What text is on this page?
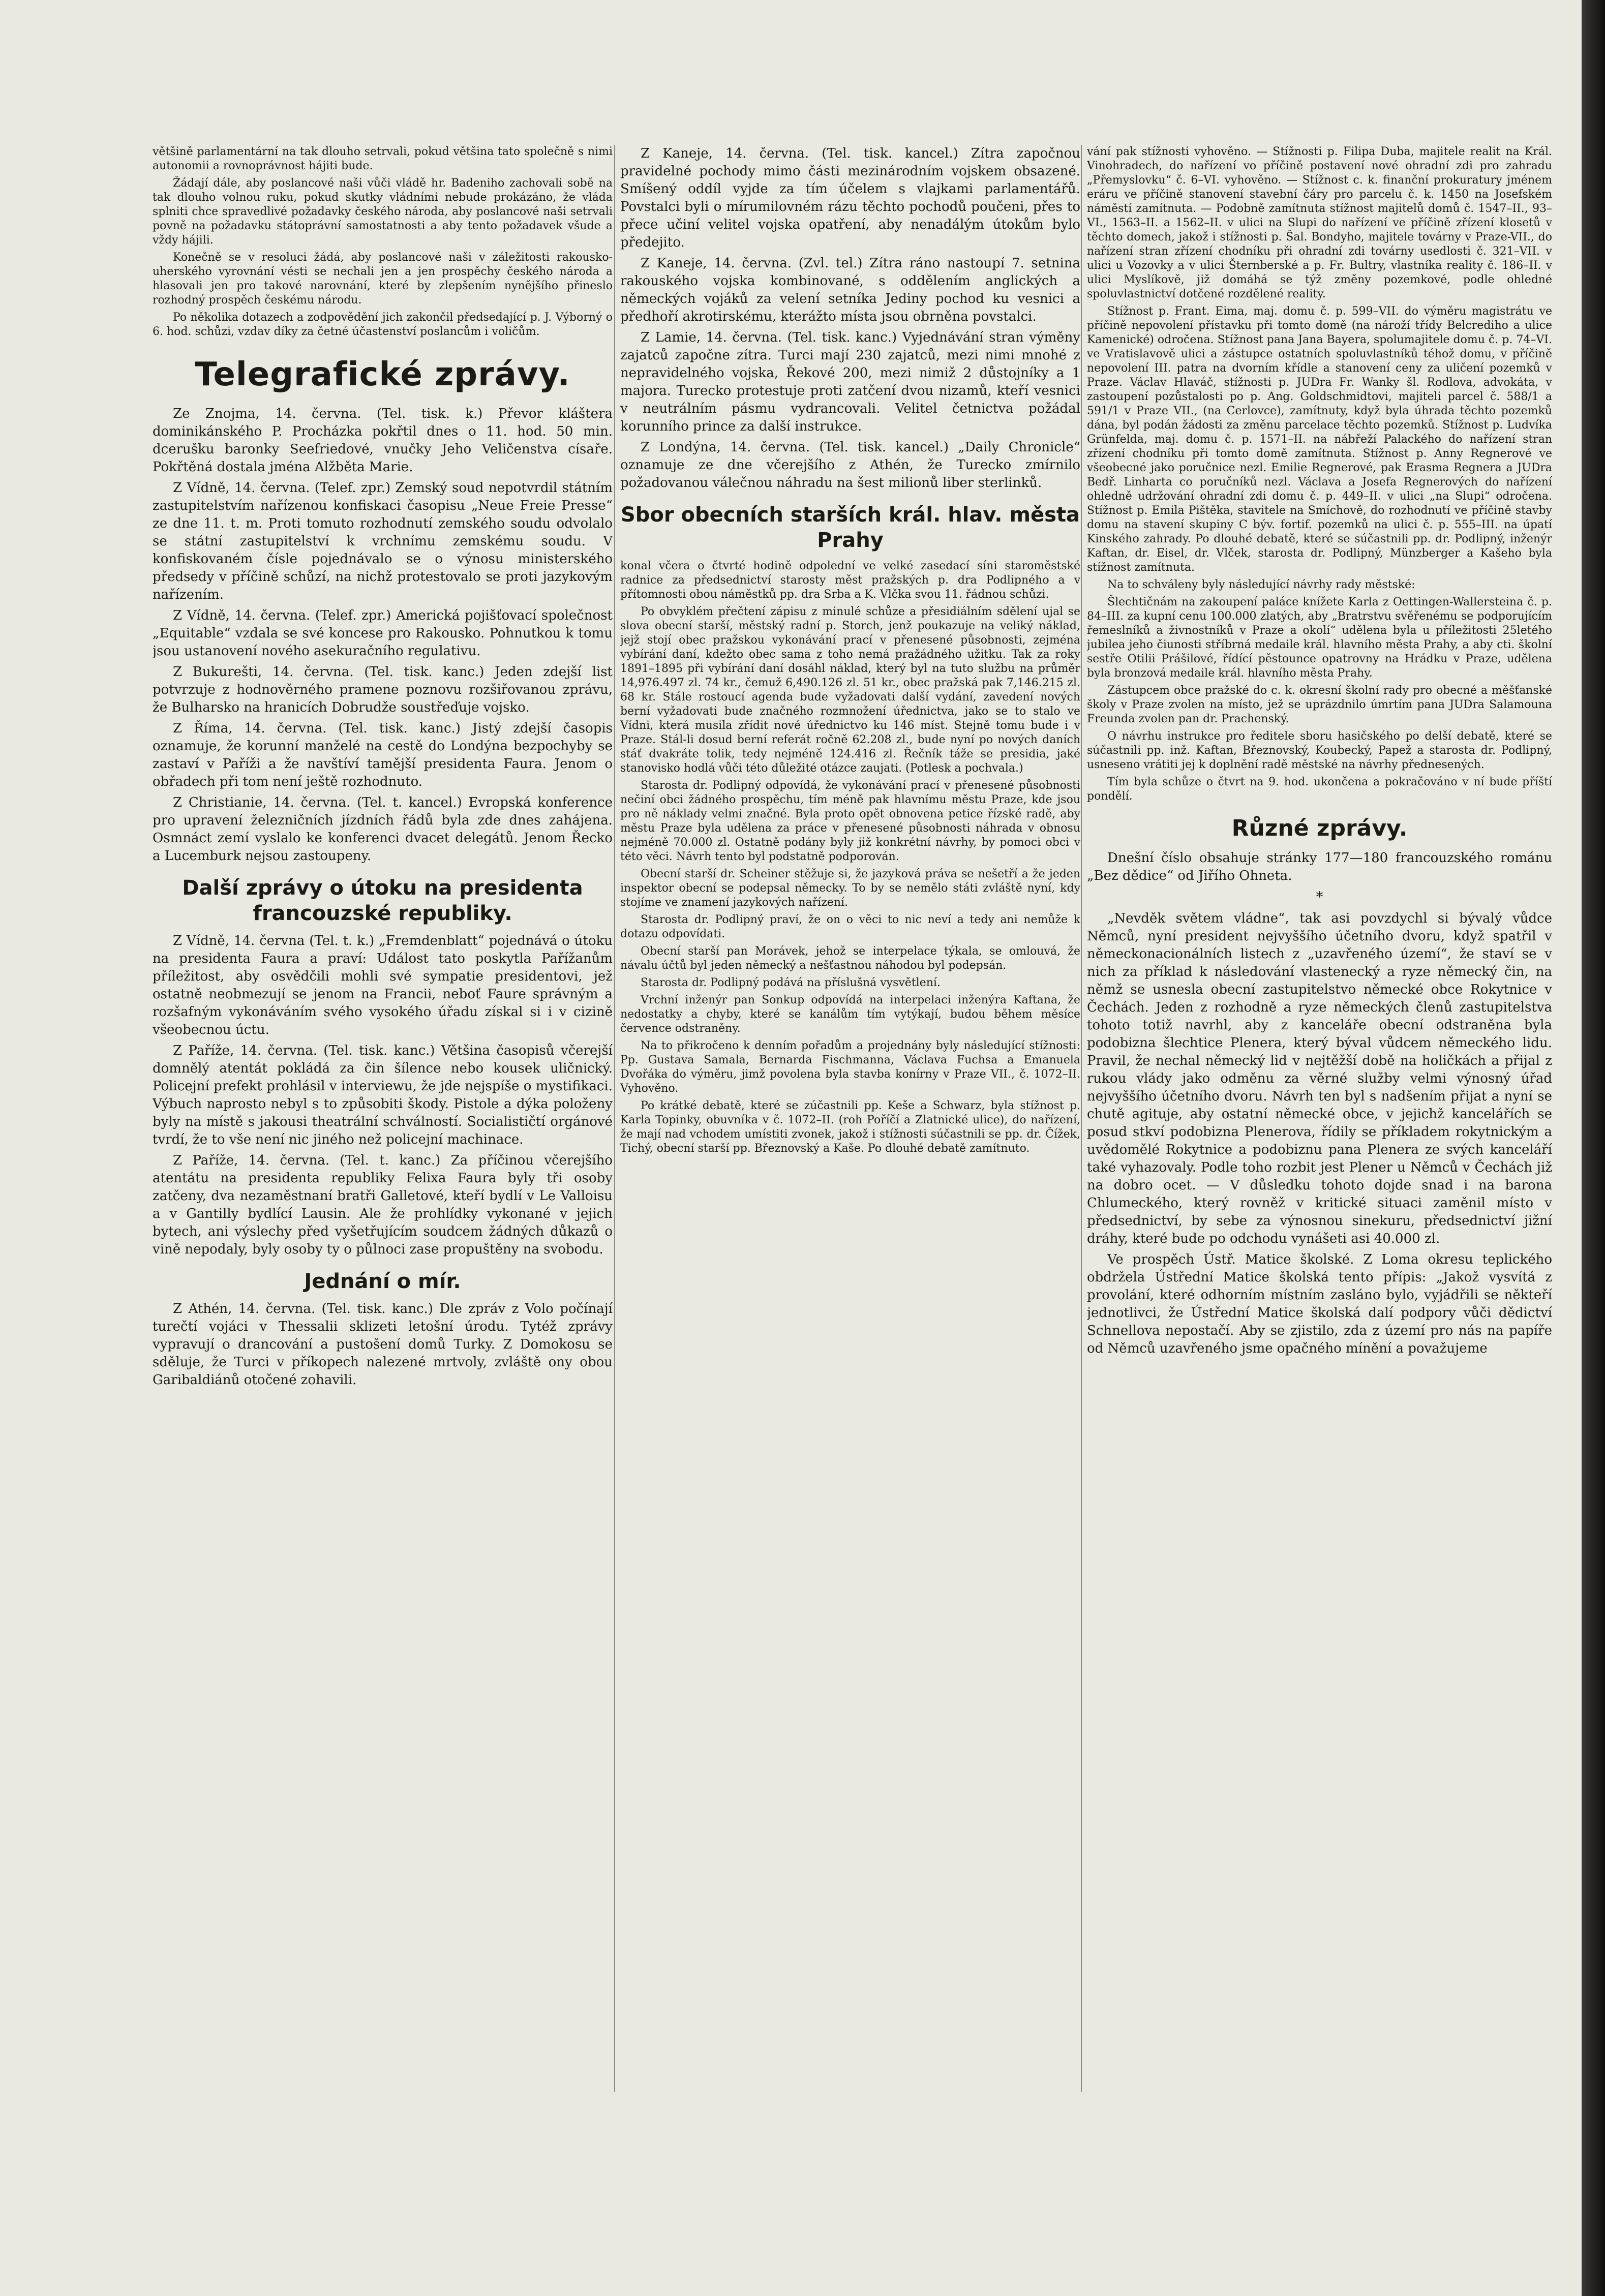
většině parlamentární na tak dlouho setrvali, pokud většina tato společně s nimi autonomii a rovnoprávnost hájiti bude.

Žádají dále, aby poslancové naši vůči vládě hr. Badeniho zachovali sobě na tak dlouho volnou ruku, pokud skutky vládními nebude prokázáno, že vláda splniti chce spravedlivé požadavky českého národa, aby poslancové naši setrvali povně na požadavku státoprávní samostatnosti a aby tento požadavek všude a vždy hájili.

Konečně se v resoluci žádá, aby poslancové naši v záležitosti rakousko-uherského vyrovnání vésti se nechali jen a jen prospěchy českého národa a hlasovali jen pro takové narovnání, které by zlepšením nynějšího přineslo rozhodný prospěch českému národu.

Po několika dotazech a zodpovědění jich zakončil předsedající p. J. Výborný o 6. hod. schůzi, vzdav díky za četné účastenství poslancům i voličům.

Telegrafické zprávy.

Ze Znojma, 14. června. (Tel. tisk. k.) Převor kláštera dominikánského P. Procházka pokřtil dnes o 11. hod. 50 min. dcerušku baronky Seefriedové, vnučky Jeho Veličenstva císaře. Pokřtěná dostala jména Alžběta Marie.

Z Vídně, 14. června. (Telef. zpr.) Zemský soud nepotvrdil státním zastupitelstvím nařízenou konfiskaci časopisu „Neue Freie Presse“ ze dne 11. t. m. Proti tomuto rozhodnutí zemského soudu odvolalo se státní zastupitelství k vrchnímu zemskému soudu. V konfiskovaném čísle pojednávalo se o výnosu ministerského předsedy v příčině schůzí, na nichž protestovalo se proti jazykovým nařízením.

Z Vídně, 14. června. (Telef. zpr.) Americká pojišťovací společnost „Equitable“ vzdala se své koncese pro Rakousko. Pohnutkou k tomu jsou ustanovení nového asekuračního regulativu.

Z Bukurešti, 14. června. (Tel. tisk. kanc.) Jeden zdejší list potvrzuje z hodnověrného pramene poznovu rozšiřovanou zprávu, že Bulharsko na hranicích Dobrudže soustřeďuje vojsko.

Z Říma, 14. června. (Tel. tisk. kanc.) Jistý zdejší časopis oznamuje, že korunní manželé na cestě do Londýna bezpochyby se zastaví v Paříži a že navštíví tamější presidenta Faura. Jenom o obřadech při tom není ještě rozhodnuto.

Z Christianie, 14. června. (Tel. t. kancel.) Evropská konference pro upravení železničních jízdních řádů byla zde dnes zahájena. Osmnáct zemí vyslalo ke konferenci dvacet delegátů. Jenom Řecko a Lucemburk nejsou zastoupeny.

Další zprávy o útoku na presidenta francouzské republiky.

Z Vídně, 14. června (Tel. t. k.) „Fremdenblatt“ pojednává o útoku na presidenta Faura a praví: Událost tato poskytla Pařížanům příležitost, aby osvědčili mohli své sympatie presidentovi, jež ostatně neobmezují se jenom na Francii, neboť Faure správným a rozšafným vykonáváním svého vysokého úřadu získal si i v cizině všeobecnou úctu.

Z Paříže, 14. června. (Tel. tisk. kanc.) Většina časopisů včerejší domnělý atentát pokládá za čin šílence nebo kousek uličnický. Policejní prefekt prohlásil v interviewu, že jde nejspíše o mystifikaci. Výbuch naprosto nebyl s to způsobiti škody. Pistole a dýka položeny byly na místě s jakousi theatrální schválností. Socialističtí orgánové tvrdí, že to vše není nic jiného než policejní machinace.

Z Paříže, 14. června. (Tel. t. kanc.) Za příčinou včerejšího atentátu na presidenta republiky Felixa Faura byly tři osoby zatčeny, dva nezaměstnaní bratři Galletové, kteří bydlí v Le Valloisu a v Gantilly bydlící Lausin. Ale že prohlídky vykonané v jejich bytech, ani výslechy před vyšetřujícím soudcem žádných důkazů o vině nepodaly, byly osoby ty o půlnoci zase propuštěny na svobodu.

Jednání o mír.

Z Athén, 14. června. (Tel. tisk. kanc.) Dle zpráv z Volo počínají turečtí vojáci v Thessalii sklizeti letošní úrodu. Tytéž zprávy vypravují o drancování a pustošení domů Turky. Z Domokosu se sděluje, že Turci v příkopech nalezené mrtvoly, zvláště ony obou Garibaldiánů otočené zohavili.

Z Kaneje, 14. června. (Tel. tisk. kancel.) Zítra započnou pravidelné pochody mimo části mezinárodním vojskem obsazené. Smíšený oddíl vyjde za tím účelem s vlajkami parlamentářů. Povstalci byli o mírumilovném rázu těchto pochodů poučeni, přes to přece učiní velitel vojska opatření, aby nenadálým útokům bylo předejito.

Z Kaneje, 14. června. (Zvl. tel.) Zítra ráno nastoupí 7. setnina rakouského vojska kombinované, s oddělením anglických a německých vojáků za velení setníka Jediny pochod ku vesnici a předhoří akrotirskému, kterážto místa jsou obrněna povstalci.

Z Lamie, 14. června. (Tel. tisk. kanc.) Vyjednávání stran výměny zajatců započne zítra. Turci mají 230 zajatců, mezi nimi mnohé z nepravidelného vojska, Řekové 200, mezi nimiž 2 důstojníky a 1 majora. Turecko protestuje proti zatčení dvou nizamů, kteří vesnici v neutrálním pásmu vydrancovali. Velitel četnictva požádal korunního prince za další instrukce.

Z Londýna, 14. června. (Tel. tisk. kancel.) „Daily Chronicle“ oznamuje ze dne včerejšího z Athén, že Turecko zmírnilo požadovanou válečnou náhradu na šest milionů liber sterlinků.

Sbor obecních starších král. hlav. města Prahy

konal včera o čtvrté hodině odpolední ve velké zasedací síni staroměstské radnice za předsednictví starosty měst pražských p. dra Podlipného a v přítomnosti obou náměstků pp. dra Srba a K. Vlčka svou 11. řádnou schůzi.

Po obvyklém přečtení zápisu z minulé schůze a přesidiálním sdělení ujal se slova obecní starší, městský radní p. Storch, jenž poukazuje na veliký náklad, jejž stojí obec pražskou vykonávání prací v přenesené působnosti, zejména vybírání daní, kdežto obec sama z toho nemá pražádného užitku. Tak za roky 1891–1895 při vybírání daní dosáhl náklad, který byl na tuto službu na průměr 14,976.497 zl. 74 kr., čemuž 6,490.126 zl. 51 kr., obec pražská pak 7,146.215 zl. 68 kr. Stále rostoucí agenda bude vyžadovati další vydání, zavedení nových berní vyžadovati bude značného rozmnožení úřednictva, jako se to stalo ve Vídni, která musila zřídit nové úřednictvo ku 146 míst. Stejně tomu bude i v Praze. Stál-li dosud berní referát ročně 62.208 zl., bude nyní po nových daních stáť dvakráte tolik, tedy nejméně 124.416 zl. Řečník táže se presidia, jaké stanovisko hodlá vůči této důležité otázce zaujati. (Potlesk a pochvala.)

Starosta dr. Podlipný odpovídá, že vykonávání prací v přenesené působnosti nečiní obci žádného prospěchu, tím méně pak hlavnímu městu Praze, kde jsou pro ně náklady velmi značné. Byla proto opět obnovena petice řízské radě, aby městu Praze byla udělena za práce v přenesené působnosti náhrada v obnosu nejméně 70.000 zl. Ostatně podány byly již konkrétní návrhy, by pomoci obci v této věci. Návrh tento byl podstatně podporován.

Obecní starší dr. Scheiner stěžuje si, že jazyková práva se nešetří a že jeden inspektor obecní se podepsal německy. To by se nemělo státi zvláště nyní, kdy stojíme ve znamení jazykových nařízení.

Starosta dr. Podlipný praví, že on o věci to nic neví a tedy ani nemůže k dotazu odpovídati.

Obecní starší pan Morávek, jehož se interpelace týkala, se omlouvá, že návalu účtů byl jeden německý a nešťastnou náhodou byl podepsán.

Starosta dr. Podlipný podává na příslušná vysvětlení.

Vrchní inženýr pan Sonkup odpovídá na interpelaci inženýra Kaftana, že nedostatky a chyby, které se kanálům tím vytýkají, budou během měsíce července odstraněny.

Na to přikročeno k denním pořadům a projednány byly následující stížnosti: Pp. Gustava Samala, Bernarda Fischmanna, Václava Fuchsa a Emanuela Dvořáka do výměru, jimž povolena byla stavba konírny v Praze VII., č. 1072–II. Vyhověno.

Po krátké debatě, které se zúčastnili pp. Keše a Schwarz, byla stížnost p. Karla Topinky, obuvníka v č. 1072–II. (roh Poříčí a Zlatnické ulice), do nařízení, že mají nad vchodem umístiti zvonek, jakož i stížnosti súčastnili se pp. dr. Čížek, Tichý, obecní starší pp. Březnovský a Kaše. Po dlouhé debatě zamítnuto.

vání pak stížnosti vyhověno. — Stížnosti p. Filipa Duba, majitele realit na Král. Vinohradech, do nařízení vo příčině postavení nové ohradní zdi pro zahradu „Přemyslovku“ č. 6–VI. vyhověno. — Stížnost c. k. finanční prokuratury jménem eráru ve příčině stanovení stavební čáry pro parcelu č. k. 1450 na Josefském náměstí zamítnuta. — Podobně zamítnuta stížnost majitelů domů č. 1547–II., 93–VI., 1563–II. a 1562–II. v ulici na Slupi do nařízení ve příčině zřízení klosetů v těchto domech, jakož i stížnosti p. Šal. Bondyho, majitele továrny v Praze-VII., do nařízení stran zřízení chodníku při ohradní zdi továrny usedlosti č. 321–VII. v ulici u Vozovky a v ulici Šternberské a p. Fr. Bultry, vlastníka reality č. 186–II. v ulici Myslíkově, již domáhá se týž změny pozemkové, podle ohledné spoluvlastnictví dotčené rozdělené reality.

Stížnost p. Frant. Eima, maj. domu č. p. 599–VII. do výměru magistrátu ve příčině nepovolení přístavku při tomto domě (na nároží třídy Belcrediho a ulice Kamenické) odročena. Stížnost pana Jana Bayera, spolumajitele domu č. p. 74–VI. ve Vratislavově ulici a zástupce ostatních spoluvlastníků téhož domu, v příčině nepovolení III. patra na dvorním křídle a stanovení ceny za uličení pozemků v Praze. Václav Hlaváč, stížnosti p. JUDra Fr. Wanky šl. Rodlova, advokáta, v zastoupení pozůstalosti po p. Ang. Goldschmidtovi, majiteli parcel č. 588/1 a 591/1 v Praze VII., (na Cerlovce), zamítnuty, když byla úhrada těchto pozemků dána, byl podán žádosti za změnu parcelace těchto pozemků. Stížnost p. Ludvíka Grünfelda, maj. domu č. p. 1571–II. na nábřeží Palackého do nařízení stran zřízení chodníku při tomto domě zamítnuta. Stížnost p. Anny Regnerové ve všeobecné jako poručnice nezl. Emilie Regnerové, pak Erasma Regnera a JUDra Bedř. Linharta co poručníků nezl. Václava a Josefa Regnerových do nařízení ohledně udržování ohradní zdi domu č. p. 449–II. v ulici „na Slupi“ odročena. Stížnost p. Emila Pištěka, stavitele na Smíchově, do rozhodnutí ve příčině stavby domu na stavení skupiny C býv. fortif. pozemků na ulici č. p. 555–III. na úpatí Kinského zahrady. Po dlouhé debatě, které se súčastnili pp. dr. Podlipný, inženýr Kaftan, dr. Eisel, dr. Vlček, starosta dr. Podlipný, Münzberger a Kašeho byla stížnost zamítnuta.

Na to schváleny byly následující návrhy rady městské:

Šlechtičnám na zakoupení paláce knížete Karla z Oettingen-Wallersteina č. p. 84–III. za kupní cenu 100.000 zlatých, aby „Bratrstvu svěřenému se podporujícím řemeslníků a živnostníků v Praze a okolí“ udělena byla u příležitosti 25letého jubilea jeho čiunosti stříbrná medaile král. hlavního města Prahy, a aby cti. školní sestře Otilii Prášilové, řídící pěstounce opatrovny na Hrádku v Praze, udělena byla bronzová medaile král. hlavního města Prahy.

Zástupcem obce pražské do c. k. okresní školní rady pro obecné a měšťanské školy v Praze zvolen na místo, jež se uprázdnilo úmrtím pana JUDra Salamouna Freunda zvolen pan dr. Prachenský.

O návrhu instrukce pro ředitele sboru hasičského po delší debatě, které se súčastnili pp. inž. Kaftan, Březnovský, Koubecký, Papež a starosta dr. Podlipný, usneseno vrátiti jej k doplnění radě městské na návrhy přednesených.

Tím byla schůze o čtvrt na 9. hod. ukončena a pokračováno v ní bude příští pondělí.

Různé zprávy.

Dnešní číslo obsahuje stránky 177—180 francouzského románu „Bez dědice“ od Jiřího Ohneta.

*

„Nevděk světem vládne“, tak asi povzdychl si bývalý vůdce Němců, nyní president nejvyššího účetního dvoru, když spatřil v německonacionálních listech z „uzavřeného území“, že staví se v nich za příklad k následování vlastenecký a ryze německý čin, na němž se usnesla obecní zastupitelstvo německé obce Rokytnice v Čechách. Jeden z rozhodně a ryze německých členů zastupitelstva tohoto totiž navrhl, aby z kanceláře obecní odstraněna byla podobizna šlechtice Plenera, který býval vůdcem německého lidu. Pravil, že nechal německý lid v nejtěžší době na holičkách a přijal z rukou vlády jako odměnu za věrné služby velmi výnosný úřad nejvyššího účetního dvoru. Návrh ten byl s nadšením přijat a nyní se chutě agituje, aby ostatní německé obce, v jejichž kancelářích se posud stkví podobizna Plenerova, řídily se příkladem rokytnickým a uvědomělé Rokytnice a podobiznu pana Plenera ze svých kanceláří také vyhazovaly. Podle toho rozbit jest Plener u Němců v Čechách již na dobro ocet. — V důsledku tohoto dojde snad i na barona Chlumeckého, který rovněž v kritické situaci zaměnil místo v předsednictví, by sebe za výnosnou sinekuru, předsednictví jižní dráhy, které bude po odchodu vynášeti asi 40.000 zl.

Ve prospěch Ústř. Matice školské. Z Loma okresu teplického obdržela Ústřední Matice školská tento přípis: „Jakož vysvítá z provolání, které odhorním místním zasláno bylo, vyjádřili se někteří jednotlivci, že Ústřední Matice školská dalí podpory vůči dědictví Schnellova nepostačí. Aby se zjistilo, zda z území pro nás na papíře od Němců uzavřeného jsme opačného mínění a považujeme
